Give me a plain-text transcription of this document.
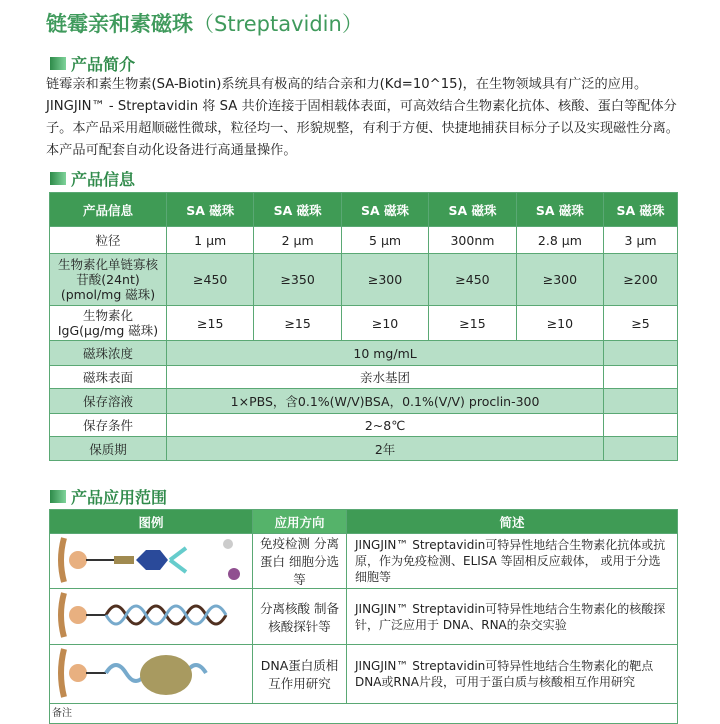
链霉亲和素磁珠（Streptavidin）
产品简介
链霉亲和素生物素(SA-Biotin)系统具有极高的结合亲和力(Kd=10^15)，在生物领域具有广泛的应用。JINGJIN™ - Streptavidin 将 SA 共价连接于固相载体表面，可高效结合生物素化抗体、核酸、蛋白等配体分子。本产品采用超顺磁性微球，粒径均一、形貌规整，有利于方便、快捷地捕获目标分子以及实现磁性分离。本产品可配套自动化设备进行高通量操作。
产品信息
产品信息	SA 磁珠	SA 磁珠	SA 磁珠	SA 磁珠	SA 磁珠	SA 磁珠
粒径	1 µm	2 µm	5 µm	300nm	2.8 µm	3 µm
生物素化单链寡核苷酸(24nt)(pmol/mg 磁珠)	≥450	≥350	≥300	≥450	≥300	≥200
生物素化 IgG(µg/mg 磁珠)	≥15	≥15	≥10	≥15	≥10	≥5
磁珠浓度	10 mg/mL					
磁珠表面	亲水基团					
保存溶液	1×PBS，含0.1%(W/V)BSA，0.1%(V/V) proclin-300					
保存条件	2~8℃					
保质期	2年					
产品应用范围
图例	应用方向	简述
	免疫检测 分离蛋白 细胞分选等	JINGJIN™ Streptavidin可特异性地结合生物素化抗体或抗原，作为免疫检测、ELISA 等固相反应载体， 或用于分选细胞等
	分离核酸 制备核酸探针等	JINGJIN™ Streptavidin可特异性地结合生物素化的核酸探针，广泛应用于 DNA、RNA的杂交实验
	DNA蛋白质相互作用研究	JINGJIN™ Streptavidin可特异性地结合生物素化的靶点DNA或RNA片段，可用于蛋白质与核酸相互作用研究
备注		
